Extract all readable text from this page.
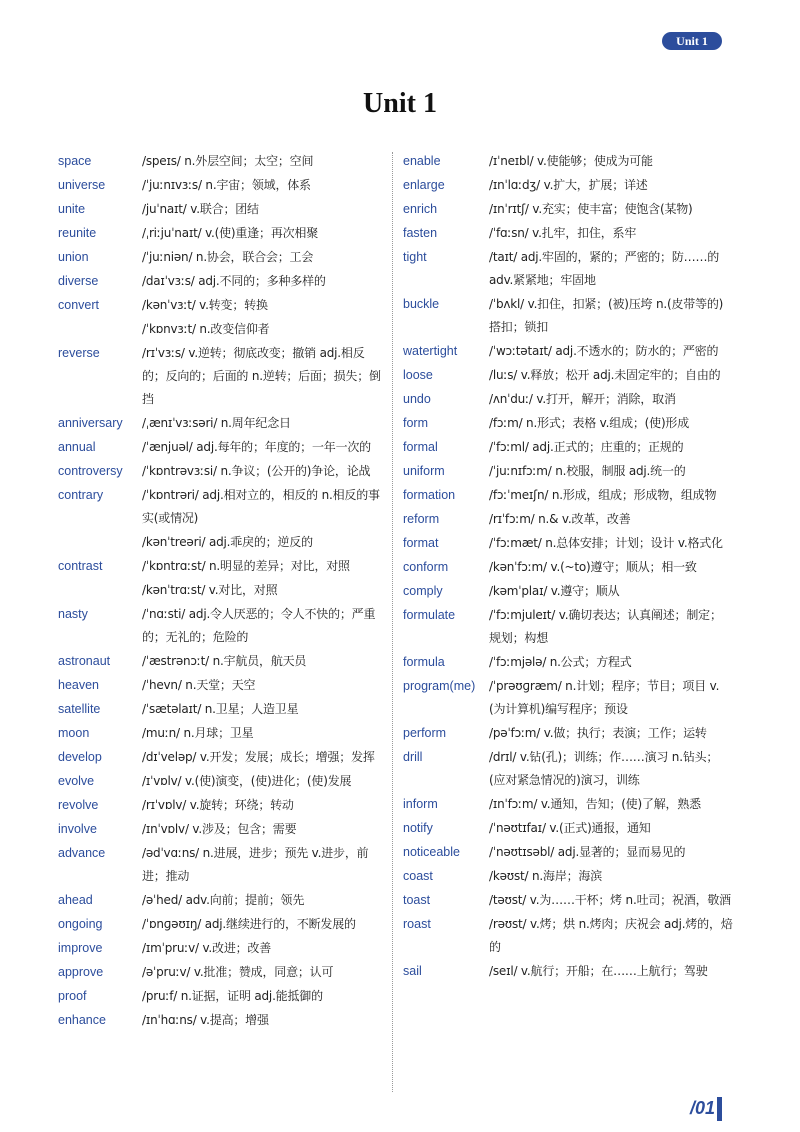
Unit 1
Unit 1
space	/speɪs/ n.外层空间；太空；空间
universe	/ˈjuːnɪvɜːs/ n.宇宙；领域，体系
unite	/juˈnaɪt/ v.联合；团结
reunite	/ˌriːjuˈnaɪt/ v.(使)重逢；再次相聚
union	/ˈjuːniən/ n.协会，联合会；工会
diverse	/daɪˈvɜːs/ adj.不同的；多种多样的
convert	/kənˈvɜːt/ v.转变；转换
/ˈkɒnvɜːt/ n.改变信仰者
reverse	/rɪˈvɜːs/ v.逆转；彻底改变；撤销 adj.相反的；反向的；后面的 n.逆转；后面；损失；倒挡
anniversary	/ˌænɪˈvɜːsəri/ n.周年纪念日
annual	/ˈænjuəl/ adj.每年的；年度的；一年一次的
controversy	/ˈkɒntrəvɜːsi/ n.争议；(公开的)争论，论战
contrary	/ˈkɒntrəri/ adj.相对立的，相反的 n.相反的事实(或情况)
/kənˈtreəri/ adj.乖戾的；逆反的
contrast	/ˈkɒntrɑːst/ n.明显的差异；对比，对照
/kənˈtrɑːst/ v.对比，对照
nasty	/ˈnɑːsti/ adj.令人厌恶的；令人不快的；严重的；无礼的；危险的
astronaut	/ˈæstrənɔːt/ n.宇航员，航天员
heaven	/ˈhevn/ n.天堂；天空
satellite	/ˈsætəlaɪt/ n.卫星；人造卫星
moon	/muːn/ n.月球；卫星
develop	/dɪˈveləp/ v.开发；发展；成长；增强；发挥
evolve	/ɪˈvɒlv/ v.(使)演变，(使)进化；(使)发展
revolve	/rɪˈvɒlv/ v.旋转；环绕；转动
involve	/ɪnˈvɒlv/ v.涉及；包含；需要
advance	/ədˈvɑːns/ n.进展，进步；预先 v.进步，前进；推动
ahead	/əˈhed/ adv.向前；提前；领先
ongoing	/ˈɒnɡəʊɪŋ/ adj.继续进行的，不断发展的
improve	/ɪmˈpruːv/ v.改进；改善
approve	/əˈpruːv/ v.批准；赞成，同意；认可
proof	/pruːf/ n.证据，证明 adj.能抵御的
enhance	/ɪnˈhɑːns/ v.提高；增强
enable	/ɪˈneɪbl/ v.使能够；使成为可能
enlarge	/ɪnˈlɑːdʒ/ v.扩大，扩展；详述
enrich	/ɪnˈrɪtʃ/ v.充实；使丰富；使饱含(某物)
fasten	/ˈfɑːsn/ v.扎牢，扣住，系牢
tight	/taɪt/ adj.牢固的，紧的；严密的；防……的 adv.紧紧地；牢固地
buckle	/ˈbʌkl/ v.扣住，扣紧；(被)压垮 n.(皮带等的)搭扣；锁扣
watertight	/ˈwɔːtətaɪt/ adj.不透水的；防水的；严密的
loose	/luːs/ v.释放；松开 adj.未固定牢的；自由的
undo	/ʌnˈduː/ v.打开，解开；消除，取消
form	/fɔːm/ n.形式；表格 v.组成；(使)形成
formal	/ˈfɔːml/ adj.正式的；庄重的；正规的
uniform	/ˈjuːnɪfɔːm/ n.校服，制服 adj.统一的
formation	/fɔːˈmeɪʃn/ n.形成，组成；形成物，组成物
reform	/rɪˈfɔːm/ n.& v.改革，改善
format	/ˈfɔːmæt/ n.总体安排；计划；设计 v.格式化
conform	/kənˈfɔːm/ v.(~to)遵守；顺从；相一致
comply	/kəmˈplaɪ/ v.遵守；顺从
formulate	/ˈfɔːmjuleɪt/ v.确切表达；认真阐述；制定；规划；构想
formula	/ˈfɔːmjələ/ n.公式；方程式
program(me)	/ˈprəʊɡræm/ n.计划；程序；节目；项目 v.(为计算机)编写程序；预设
perform	/pəˈfɔːm/ v.做；执行；表演；工作；运转
drill	/drɪl/ v.钻(孔)；训练；作……演习 n.钻头；(应对紧急情况的)演习，训练
inform	/ɪnˈfɔːm/ v.通知，告知；(使)了解，熟悉
notify	/ˈnəʊtɪfaɪ/ v.(正式)通报，通知
noticeable	/ˈnəʊtɪsəbl/ adj.显著的；显而易见的
coast	/kəʊst/ n.海岸；海滨
toast	/təʊst/ v.为……干杯；烤 n.吐司；祝酒，敬酒
roast	/rəʊst/ v.烤；烘 n.烤肉；庆祝会 adj.烤的，焙的
sail	/seɪl/ v.航行；开船；在……上航行；驾驶
/01
